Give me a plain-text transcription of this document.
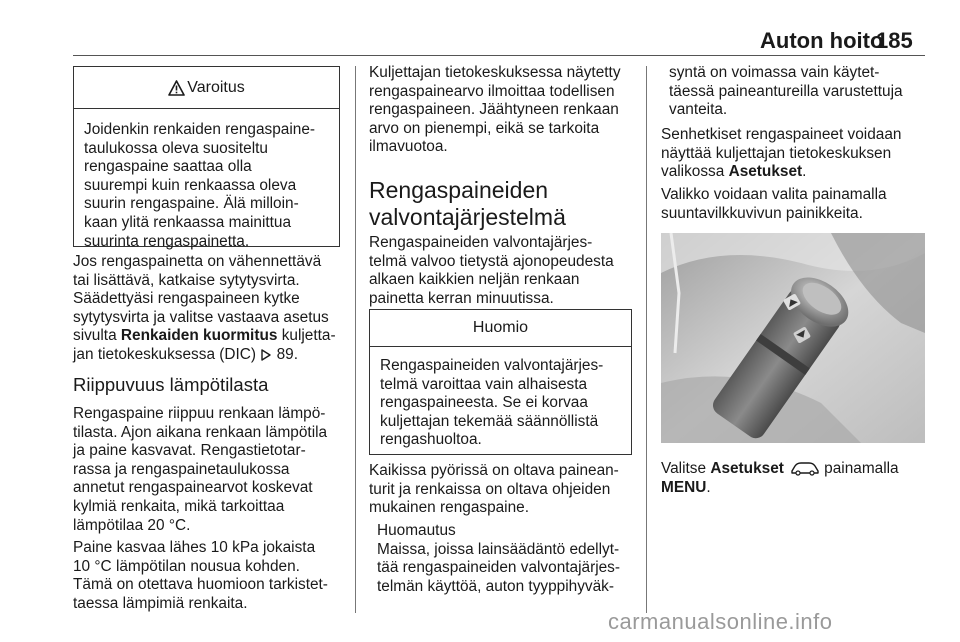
Auton hoito
185
Varoitus
Joidenkin renkaiden rengaspaine-
taulukossa oleva suositeltu
rengaspaine saattaa olla
suurempi kuin renkaassa oleva
suurin rengaspaine. Älä milloin-
kaan ylitä renkaassa mainittua
suurinta rengaspainetta.
Jos rengaspainetta on vähennettävä
tai lisättävä, katkaise sytytysvirta.
Säädettyäsi rengaspaineen kytke
sytytysvirta ja valitse vastaava asetus
sivulta Renkaiden kuormitus kuljetta-
jan tietokeskuksessa (DIC)  89.
Riippuvuus lämpötilasta
Rengaspaine riippuu renkaan lämpö-
tilasta. Ajon aikana renkaan lämpötila
ja paine kasvavat. Rengastietotar-
rassa ja rengaspainetaulukossa
annetut rengaspainearvot koskevat
kylmiä renkaita, mikä tarkoittaa
lämpötilaa 20 °C.
Paine kasvaa lähes 10 kPa jokaista
10 °C lämpötilan nousua kohden.
Tämä on otettava huomioon tarkistet-
taessa lämpimiä renkaita.
Kuljettajan tietokeskuksessa näytetty
rengaspainearvo ilmoittaa todellisen
rengaspaineen. Jäähtyneen renkaan
arvo on pienempi, eikä se tarkoita
ilmavuotoa.
Rengaspaineiden
valvontajärjestelmä
Rengaspaineiden valvontajärjes-
telmä valvoo tietystä ajonopeudesta
alkaen kaikkien neljän renkaan
painetta kerran minuutissa.
Huomio
Rengaspaineiden valvontajärjes-
telmä varoittaa vain alhaisesta
rengaspaineesta. Se ei korvaa
kuljettajan tekemää säännöllistä
rengashuoltoa.
Kaikissa pyörissä on oltava painean-
turit ja renkaissa on oltava ohjeiden
mukainen rengaspaine.
Huomautus
Maissa, joissa lainsäädäntö edellyt-
tää rengaspaineiden valvontajärjes-
telmän käyttöä, auton tyyppihyväk-
syntä on voimassa vain käytet-
täessä paineantureilla varustettuja
vanteita.
Senhetkiset rengaspaineet voidaan
näyttää kuljettajan tietokeskuksen
valikossa Asetukset.
Valikko voidaan valita painamalla
suuntavilkkuvivun painikkeita.
Valitse Asetukset painamalla
MENU.
carmanualsonline.info
